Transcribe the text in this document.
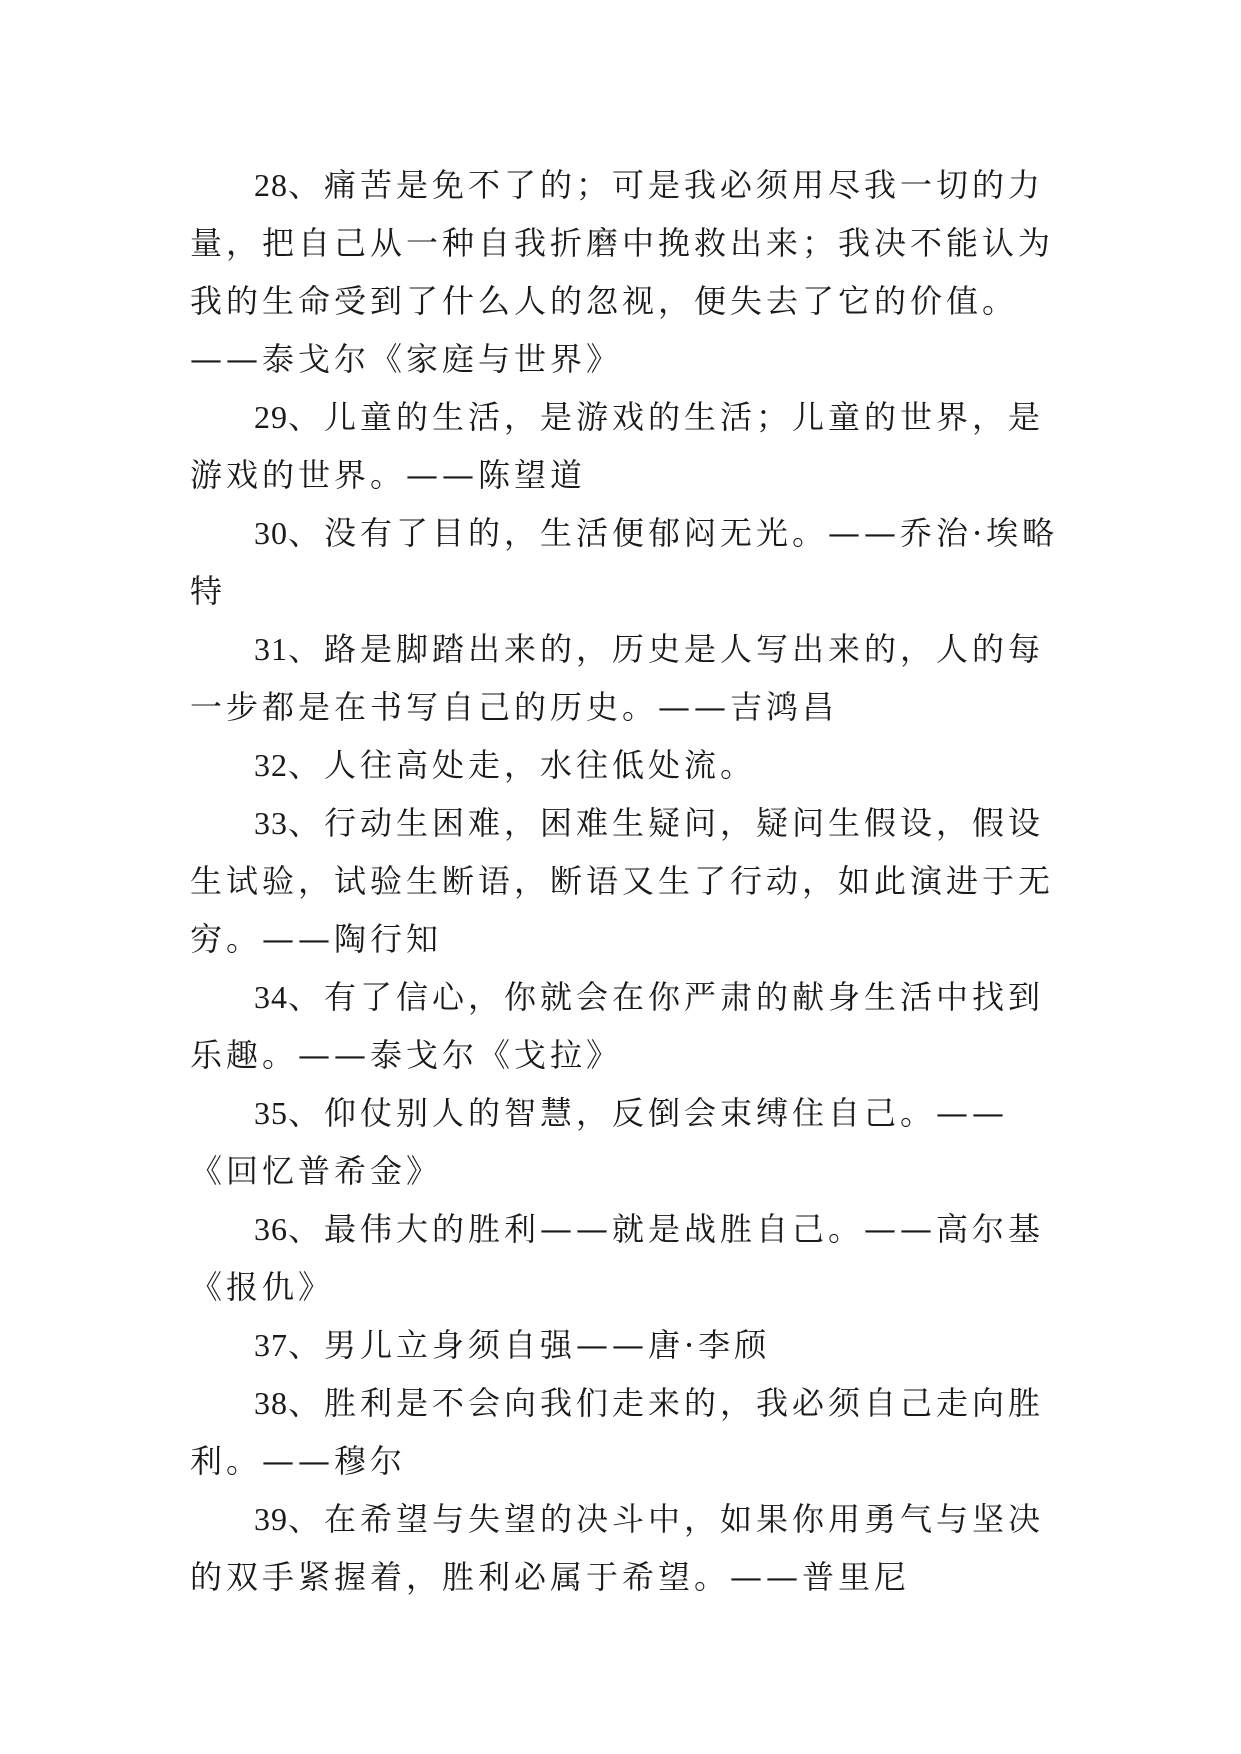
28、痛苦是免不了的；可是我必须用尽我一切的力量，把自己从一种自我折磨中挽救出来；我决不能认为我的生命受到了什么人的忽视，便失去了它的价值。——泰戈尔《家庭与世界》

29、儿童的生活，是游戏的生活；儿童的世界，是游戏的世界。——陈望道

30、没有了目的，生活便郁闷无光。——乔治·埃略特

31、路是脚踏出来的，历史是人写出来的，人的每一步都是在书写自己的历史。——吉鸿昌

32、人往高处走，水往低处流。

33、行动生困难，困难生疑问，疑问生假设，假设生试验，试验生断语，断语又生了行动，如此演进于无穷。——陶行知

34、有了信心，你就会在你严肃的献身生活中找到乐趣。——泰戈尔《戈拉》

35、仰仗别人的智慧，反倒会束缚住自己。——《回忆普希金》

36、最伟大的胜利——就是战胜自己。——高尔基《报仇》

37、男儿立身须自强——唐·李颀

38、胜利是不会向我们走来的，我必须自己走向胜利。——穆尔

39、在希望与失望的决斗中，如果你用勇气与坚决的双手紧握着，胜利必属于希望。——普里尼
